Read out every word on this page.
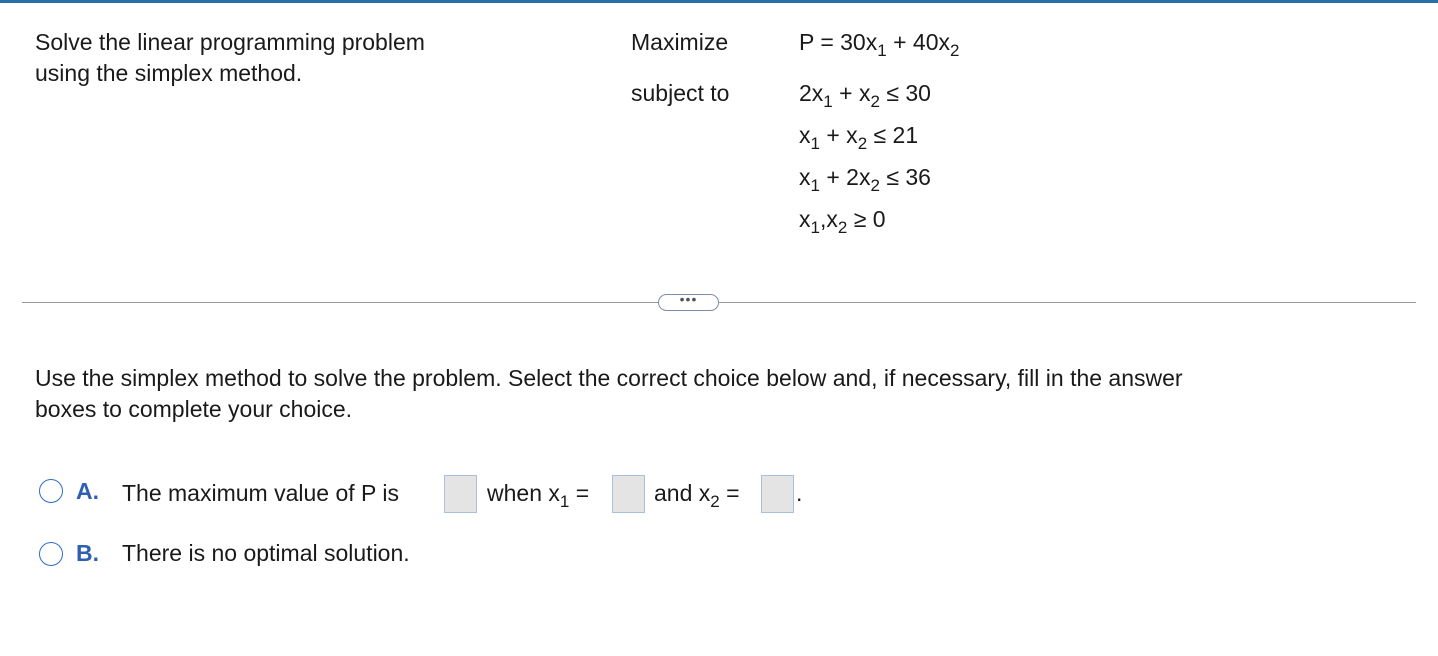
Solve the linear programming problem
using the simplex method.
Maximize
subject to
$P = 30x_1 + 40x_2$
$2x_1 + x_2 \le 30$
$x_1 + x_2 \le 21$
$x_1 + 2x_2 \le 36$
$x_1,x_2 \ge 0$
•••
Use the simplex method to solve the problem. Select the correct choice below and, if necessary, fill in the answer
boxes to complete your choice.
A. The maximum value of P is	when $x_1$ =	and $x_2$ = .
B. There is no optimal solution.
